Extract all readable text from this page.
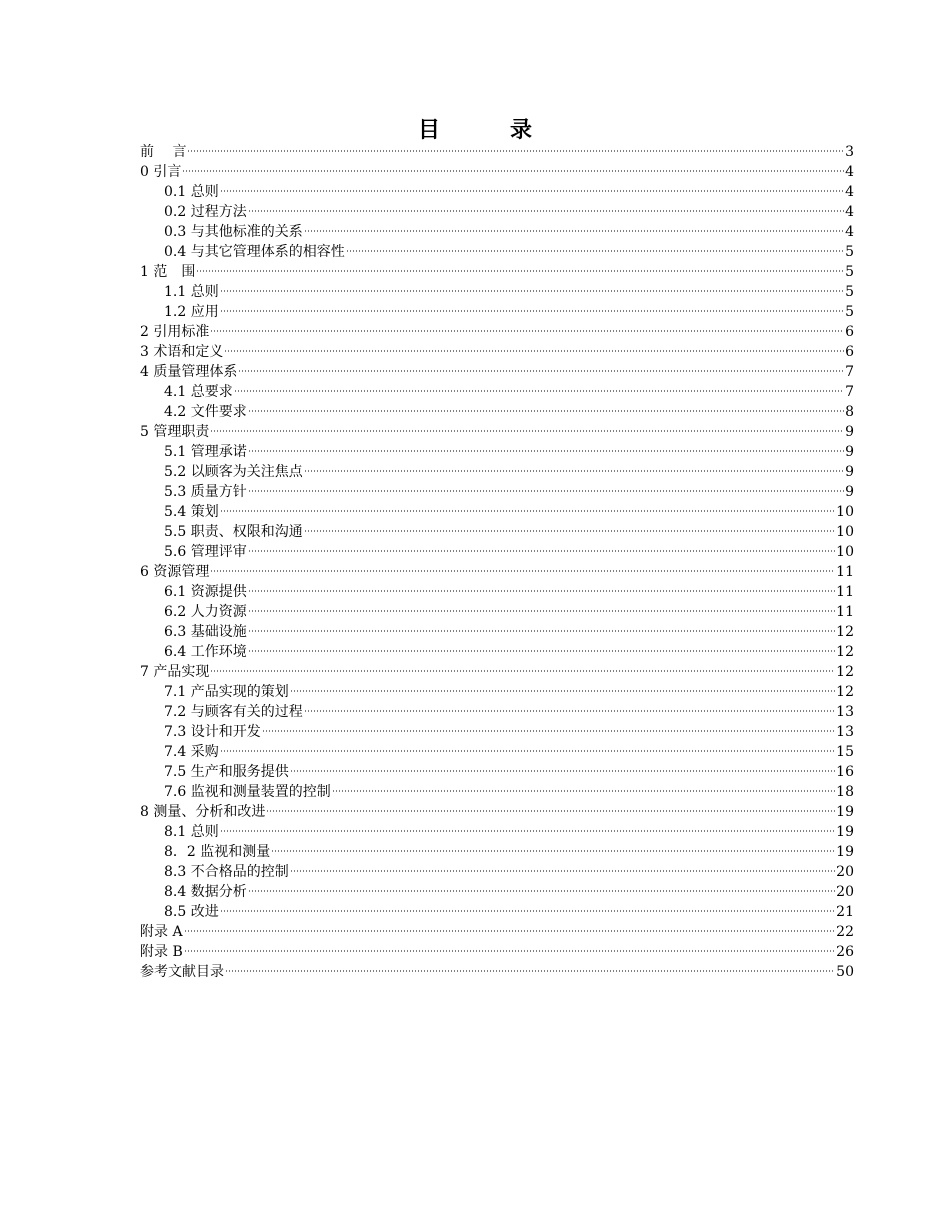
目　录
前　 言	3
0 引言	4
0.1 总则	4
0.2 过程方法	4
0.3 与其他标准的关系	4
0.4 与其它管理体系的相容性	5
1 范　围	5
1.1 总则	5
1.2 应用	5
2 引用标准	6
3 术语和定义	6
4 质量管理体系	7
4.1 总要求	7
4.2 文件要求	8
5 管理职责	9
5.1 管理承诺	9
5.2 以顾客为关注焦点	9
5.3 质量方针	9
5.4 策划	10
5.5 职责、权限和沟通	10
5.6 管理评审	10
6 资源管理	11
6.1 资源提供	11
6.2 人力资源	11
6.3 基础设施	12
6.4 工作环境	12
7 产品实现	12
7.1 产品实现的策划	12
7.2 与顾客有关的过程	13
7.3 设计和开发	13
7.4 采购	15
7.5 生产和服务提供	16
7.6 监视和测量装置的控制	18
8 测量、分析和改进	19
8.1 总则	19
8．2 监视和测量	19
8.3 不合格品的控制	20
8.4 数据分析	20
8.5 改进	21
附录 A	22
附录 B	26
参考文献目录	50
